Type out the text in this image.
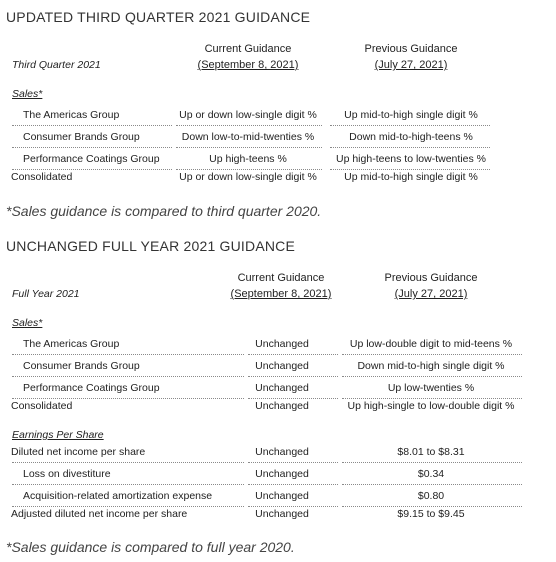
UPDATED THIRD QUARTER 2021 GUIDANCE
Current Guidance
(September 8, 2021)
Previous Guidance
(July 27, 2021)
Third Quarter 2021
Sales*
The Americas Group	Up or down low-single digit %	Up mid-to-high single digit %
Consumer Brands Group	Down low-to-mid-twenties %	Down mid-to-high-teens %
Performance Coatings Group	Up high-teens %	Up high-teens to low-twenties %
Consolidated	Up or down low-single digit %	Up mid-to-high single digit %
*Sales guidance is compared to third quarter 2020.
UNCHANGED FULL YEAR 2021 GUIDANCE
Current Guidance
(September 8, 2021)
Previous Guidance
(July 27, 2021)
Full Year 2021
Sales*
The Americas Group	Unchanged	Up low-double digit to mid-teens %
Consumer Brands Group	Unchanged	Down mid-to-high single digit %
Performance Coatings Group	Unchanged	Up low-twenties %
Consolidated	Unchanged	Up high-single to low-double digit %
Earnings Per Share
Diluted net income per share	Unchanged	$8.01 to $8.31
Loss on divestiture	Unchanged	$0.34
Acquisition-related amortization expense	Unchanged	$0.80
Adjusted diluted net income per share	Unchanged	$9.15 to $9.45
*Sales guidance is compared to full year 2020.
